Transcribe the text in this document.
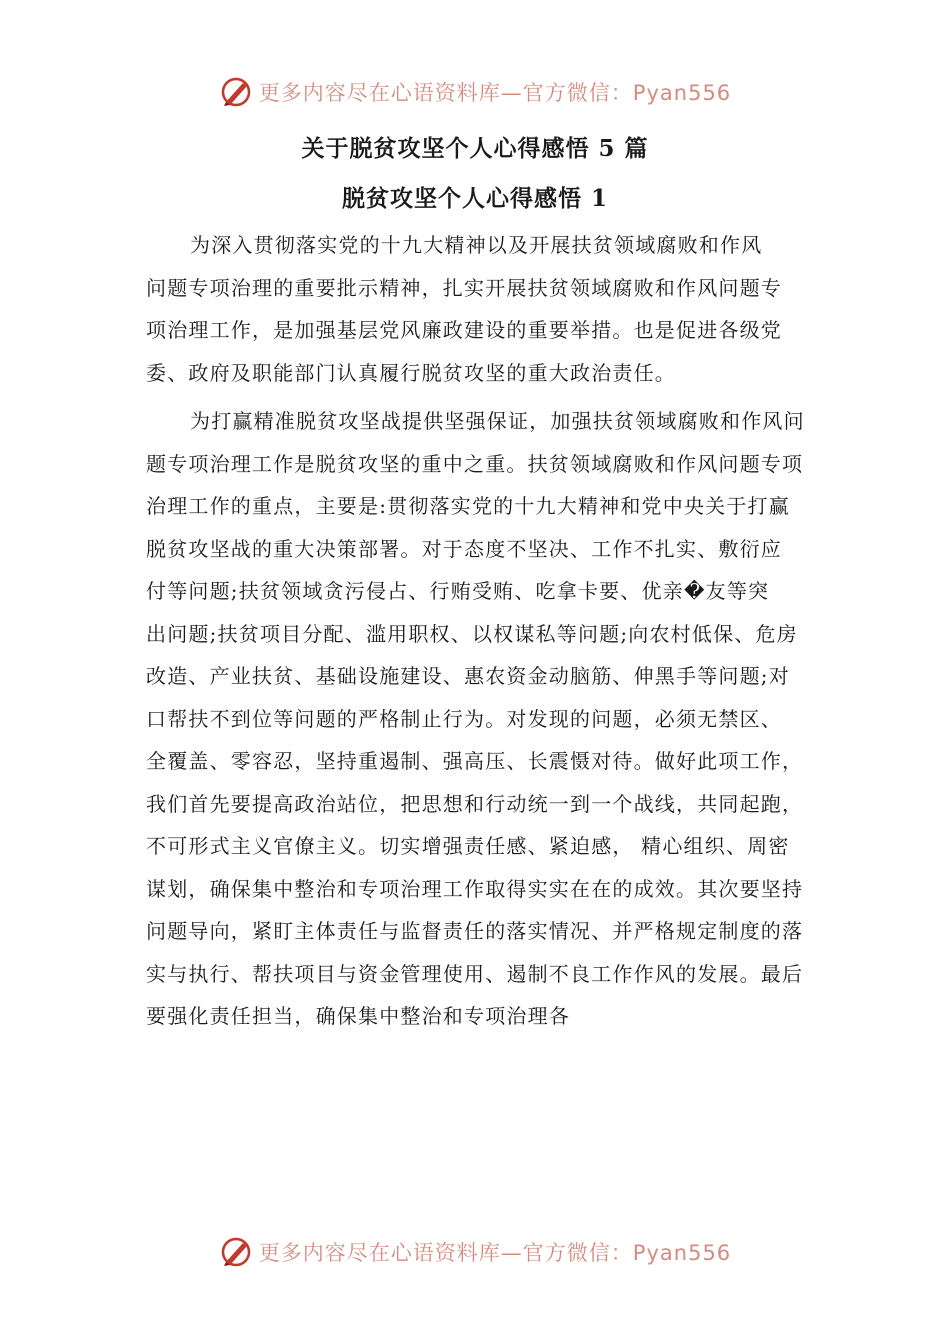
更多内容尽在心语资料库—官方微信：Pyan556
关于脱贫攻坚个人心得感悟 5 篇
脱贫攻坚个人心得感悟 1
为深入贯彻落实党的十九大精神以及开展扶贫领域腐败和作风
问题专项治理的重要批示精神，扎实开展扶贫领域腐败和作风问题专
项治理工作，是加强基层党风廉政建设的重要举措。也是促进各级党
委、政府及职能部门认真履行脱贫攻坚的重大政治责任。
为打赢精准脱贫攻坚战提供坚强保证，加强扶贫领域腐败和作风问
题专项治理工作是脱贫攻坚的重中之重。扶贫领域腐败和作风问题专项
治理工作的重点，主要是:贯彻落实党的十九大精神和党中央关于打赢
脱贫攻坚战的重大决策部署。对于态度不坚决、工作不扎实、敷衍应
付等问题;扶贫领域贪污侵占、行贿受贿、吃拿卡要、优亲�友等突
出问题;扶贫项目分配、滥用职权、以权谋私等问题;向农村低保、危房
改造、产业扶贫、基础设施建设、惠农资金动脑筋、伸黑手等问题;对
口帮扶不到位等问题的严格制止行为。对发现的问题，必须无禁区、
全覆盖、零容忍，坚持重遏制、强高压、长震慑对待。做好此项工作，
我们首先要提高政治站位，把思想和行动统一到一个战线，共同起跑，
不可形式主义官僚主义。切实增强责任感、紧迫感， 精心组织、周密
谋划，确保集中整治和专项治理工作取得实实在在的成效。其次要坚持
问题导向，紧盯主体责任与监督责任的落实情况、并严格规定制度的落
实与执行、帮扶项目与资金管理使用、遏制不良工作作风的发展。最后
要强化责任担当，确保集中整治和专项治理各
更多内容尽在心语资料库—官方微信：Pyan556
